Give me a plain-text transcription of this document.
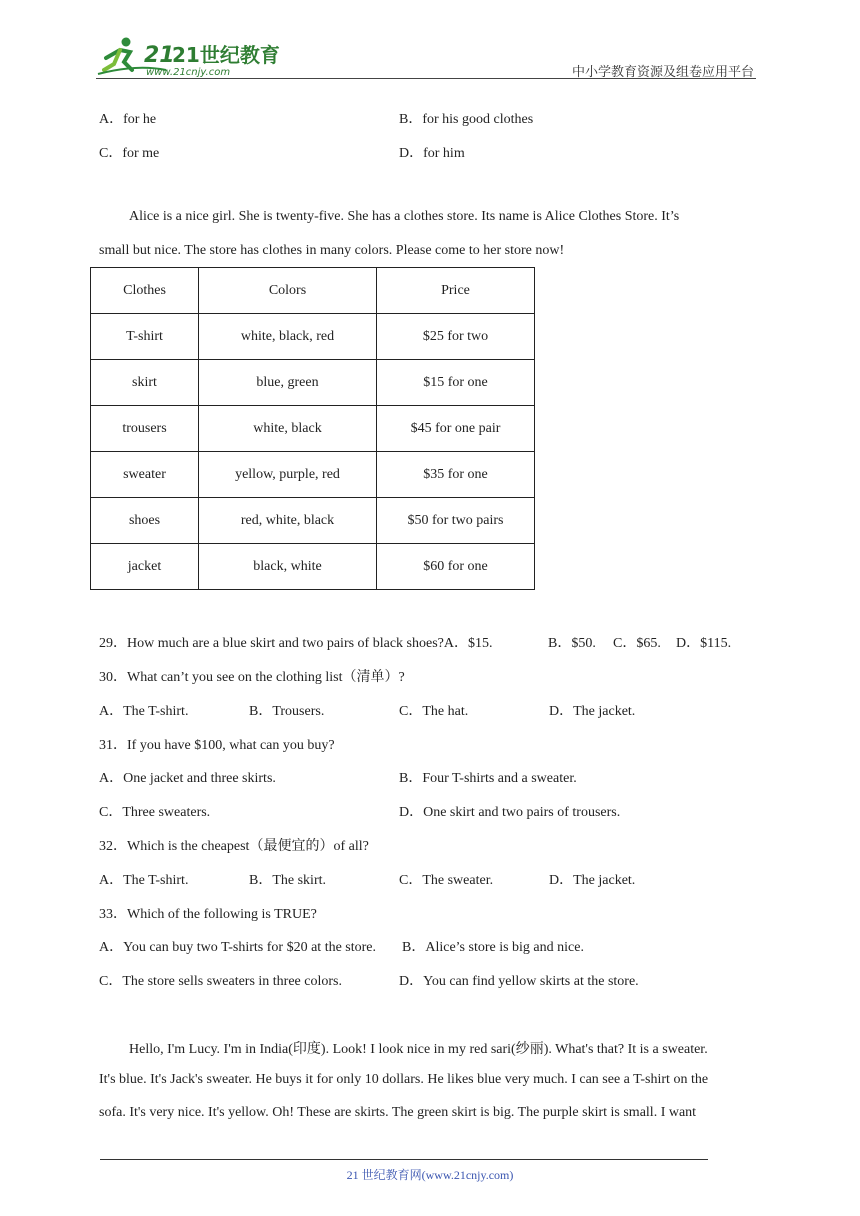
21
21世纪教育
www.21cnjy.com	中小学教育资源及组卷应用平台
A．for he	B．for his good clothes
C．for me	D．for him
Alice is a nice girl. She is twenty-five. She has a clothes store. Its name is Alice Clothes Store. It’s
small but nice. The store has clothes in many colors. Please come to her store now!
Clothes	Colors	Price
T-shirt	white, black, red	$25 for two
skirt	blue, green	$15 for one
trousers	white, black	$45 for one pair
sweater	yellow, purple, red	$35 for one
shoes	red, white, black	$50 for two pairs
jacket	black, white	$60 for one
29．How much are a blue skirt and two pairs of black shoes?A．$15.	B．$50. C．$65. D．$115.
30．What can’t you see on the clothing list（清单）?
A．The T-shirt.	B．Trousers.	C．The hat.	D．The jacket.
31．If you have $100, what can you buy?
A．One jacket and three skirts.	B．Four T-shirts and a sweater.
C．Three sweaters.	D．One skirt and two pairs of trousers.
32．Which is the cheapest（最便宜的）of all?
A．The T-shirt.	B．The skirt.	C．The sweater.	D．The jacket.
33．Which of the following is TRUE?
A．You can buy two T-shirts for $20 at the store. B．Alice’s store is big and nice.
C．The store sells sweaters in three colors.	D．You can find yellow skirts at the store.
Hello, I'm Lucy. I'm in India(印度). Look! I look nice in my red sari(纱丽). What's that? It is a sweater.
It's blue. It's Jack's sweater. He buys it for only 10 dollars. He likes blue very much. I can see a T-shirt on the
sofa. It's very nice. It's yellow. Oh! These are skirts. The green skirt is big. The purple skirt is small. I want
21 世纪教育网(www.21cnjy.com)
